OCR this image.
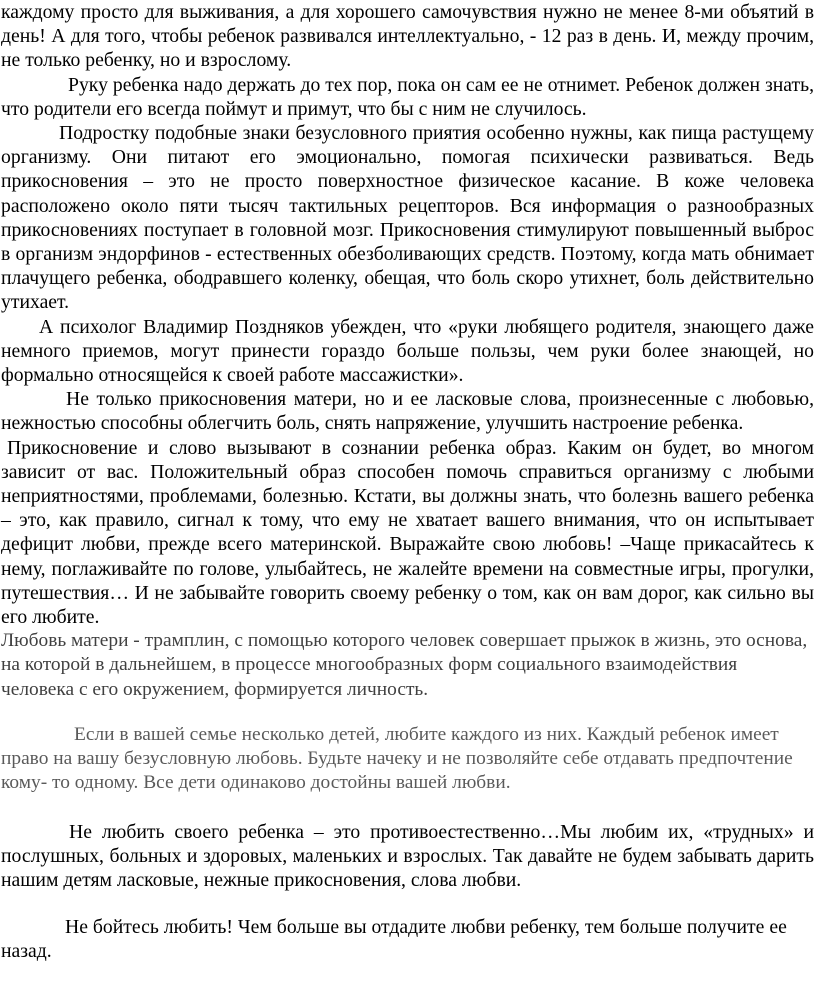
каждому просто для выживания, а для хорошего самочувствия нужно не менее 8-ми объятий в день! А для того, чтобы ребенок развивался интеллектуально, - 12 раз в день. И, между прочим, не только ребенку, но и взрослому.

Руку ребенка надо держать до тех пор, пока он сам ее не отнимет. Ребенок должен знать, что родители его всегда поймут и примут, что бы с ним не случилось.

Подростку подобные знаки безусловного приятия особенно нужны, как пища растущему организму. Они питают его эмоционально, помогая психически развиваться. Ведь прикосновения – это не просто поверхностное физическое касание. В коже человека расположено около пяти тысяч тактильных рецепторов. Вся информация о разнообразных прикосновениях поступает в головной мозг. Прикосновения стимулируют повышенный выброс в организм эндорфинов - естественных обезболивающих средств. Поэтому, когда мать обнимает плачущего ребенка, ободравшего коленку, обещая, что боль скоро утихнет, боль действительно утихает.

А психолог Владимир Поздняков убежден, что «руки любящего родителя, знающего даже немного приемов, могут принести гораздо больше пользы, чем руки более знающей, но формально относящейся к своей работе массажистки».

Не только прикосновения матери, но и ее ласковые слова, произнесенные с любовью, нежностью способны облегчить боль, снять напряжение, улучшить настроение ребенка.

Прикосновение и слово вызывают в сознании ребенка образ. Каким он будет, во многом зависит от вас. Положительный образ способен помочь справиться организму с любыми неприятностями, проблемами, болезнью. Кстати, вы должны знать, что болезнь вашего ребенка – это, как правило, сигнал к тому, что ему не хватает вашего внимания, что он испытывает дефицит любви, прежде всего материнской. Выражайте свою любовь! –Чаще прикасайтесь к нему, поглаживайте по голове, улыбайтесь, не жалейте времени на совместные игры, прогулки, путешествия… И не забывайте говорить своему ребенку о том, как он вам дорог, как сильно вы его любите.

Любовь матери - трамплин, с помощью которого человек совершает прыжок в жизнь, это основа, на которой в дальнейшем, в процессе многообразных форм социального взаимодействия человека с его окружением, формируется личность.

Если в вашей семье несколько детей, любите каждого из них. Каждый ребенок имеет право на вашу безусловную любовь. Будьте начеку и не позволяйте себе отдавать предпочтение кому- то одному. Все дети одинаково достойны вашей любви.

Не любить своего ребенка – это противоестественно…Мы любим их, «трудных» и послушных, больных и здоровых, маленьких и взрослых. Так давайте не будем забывать дарить нашим детям ласковые, нежные прикосновения, слова любви.

Не бойтесь любить! Чем больше вы отдадите любви ребенку, тем больше получите ее назад.
